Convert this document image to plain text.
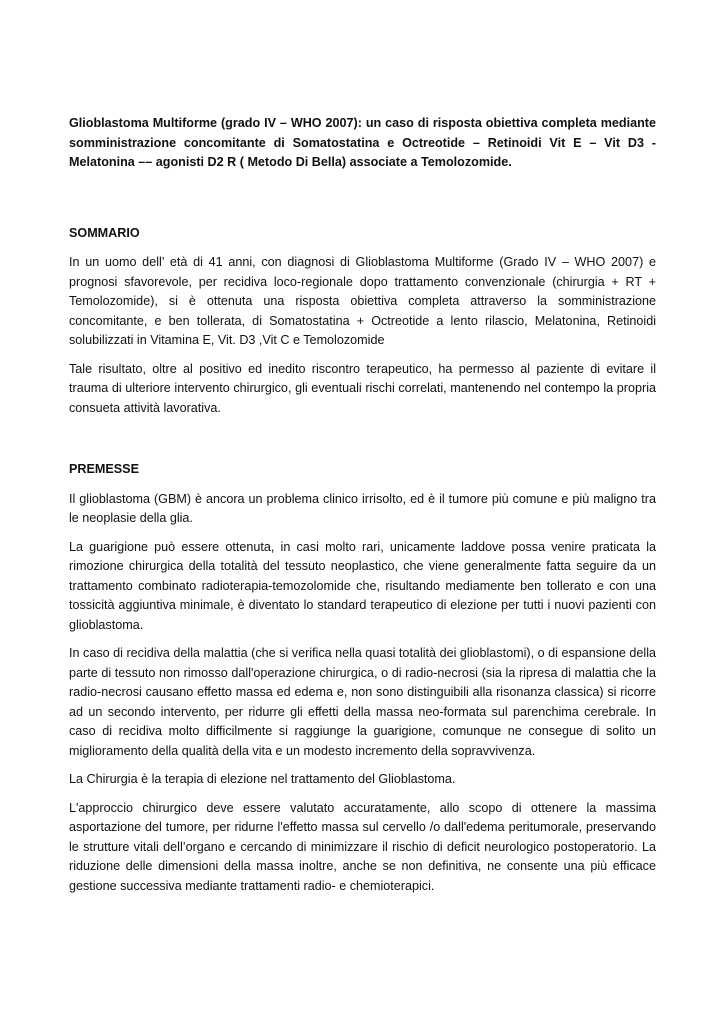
Glioblastoma Multiforme (grado IV – WHO 2007): un caso di risposta obiettiva completa mediante somministrazione concomitante di Somatostatina e Octreotide – Retinoidi Vit E – Vit D3 - Melatonina –– agonisti D2 R ( Metodo Di Bella) associate a Temolozomide.

SOMMARIO

In un uomo dell’ età di 41 anni, con diagnosi di Glioblastoma Multiforme (Grado IV – WHO 2007) e prognosi sfavorevole, per recidiva loco-regionale dopo trattamento convenzionale (chirurgia + RT + Temolozomide), si è ottenuta una risposta obiettiva completa attraverso la somministrazione concomitante, e ben tollerata, di Somatostatina + Octreotide a lento rilascio, Melatonina, Retinoidi solubilizzati in Vitamina E, Vit. D3 ,Vit C e Temolozomide

Tale risultato, oltre al positivo ed inedito riscontro terapeutico, ha permesso al paziente di evitare il trauma di ulteriore intervento chirurgico, gli eventuali rischi correlati, mantenendo nel contempo la propria consueta attività lavorativa.

PREMESSE

Il glioblastoma (GBM) è ancora un problema clinico irrisolto, ed è il tumore più comune e più maligno tra le neoplasie della glia.

La guarigione può essere ottenuta, in casi molto rari, unicamente laddove possa venire praticata la rimozione chirurgica della totalità del tessuto neoplastico, che viene generalmente fatta seguire da un trattamento combinato radioterapia-temozolomide che, risultando mediamente ben tollerato e con una tossicità aggiuntiva minimale, è diventato lo standard terapeutico di elezione per tutti i nuovi pazienti con glioblastoma.

In caso di recidiva della malattia (che si verifica nella quasi totalità dei glioblastomi), o di espansione della parte di tessuto non rimosso dall'operazione chirurgica, o di radio-necrosi (sia la ripresa di malattia che la radio-necrosi causano effetto massa ed edema e, non sono distinguibili alla risonanza classica) si ricorre ad un secondo intervento, per ridurre gli effetti della massa neo-formata sul parenchima cerebrale. In caso di recidiva molto difficilmente si raggiunge la guarigione, comunque ne consegue di solito un miglioramento della qualità della vita e un modesto incremento della sopravvivenza.

La Chirurgia è la terapia di elezione nel trattamento del Glioblastoma.

L'approccio chirurgico deve essere valutato accuratamente, allo scopo di ottenere la massima asportazione del tumore, per ridurne l'effetto massa sul cervello /o dall'edema peritumorale, preservando le strutture vitali dell’organo e cercando di minimizzare il rischio di deficit neurologico postoperatorio. La riduzione delle dimensioni della massa inoltre, anche se non definitiva, ne consente una più efficace gestione successiva mediante trattamenti radio- e chemioterapici.
